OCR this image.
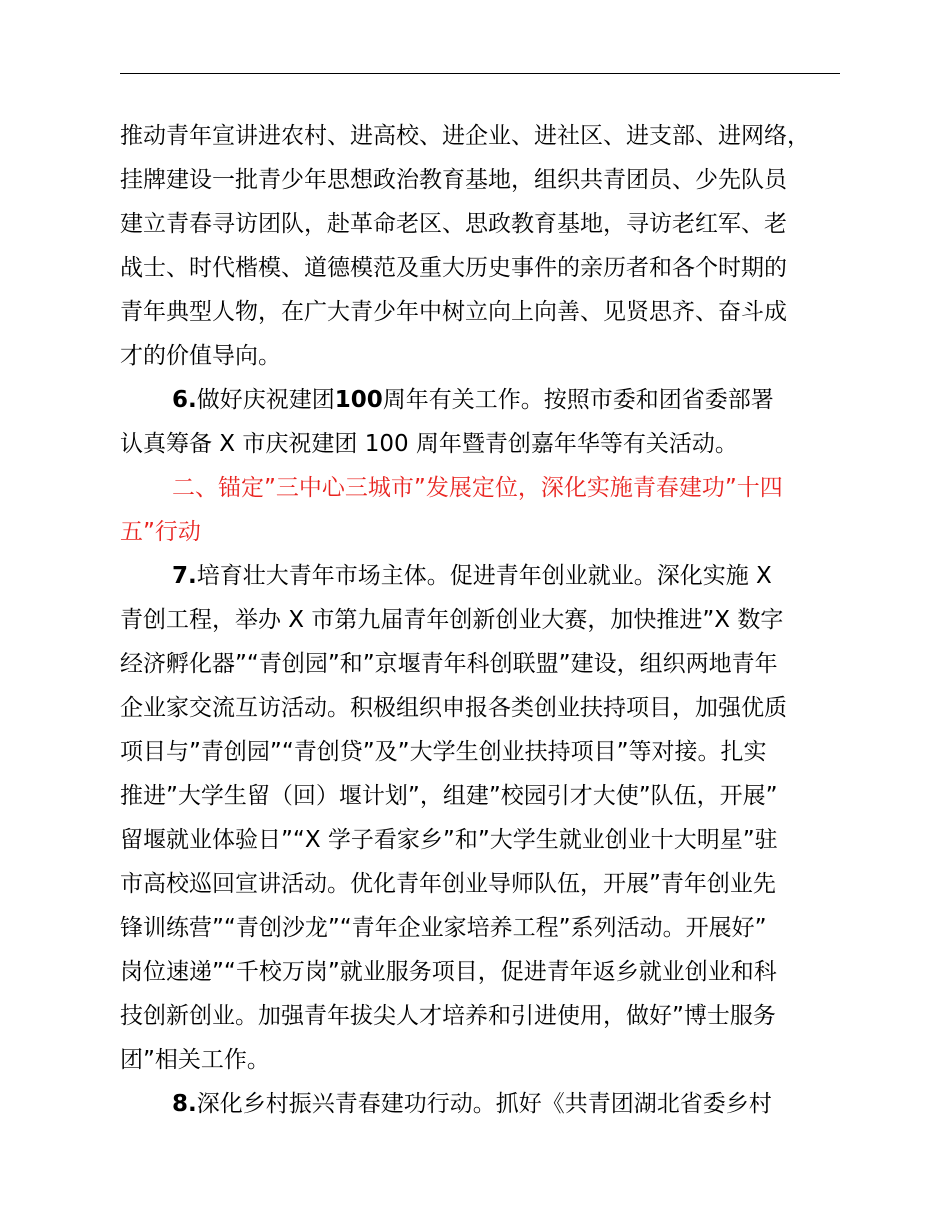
推动青年宣讲进农村、进高校、进企业、进社区、进支部、进网络，
挂牌建设一批青少年思想政治教育基地，组织共青团员、少先队员
建立青春寻访团队，赴革命老区、思政教育基地，寻访老红军、老
战士、时代楷模、道德模范及重大历史事件的亲历者和各个时期的
青年典型人物，在广大青少年中树立向上向善、见贤思齐、奋斗成
才的价值导向。
6.做好庆祝建团100周年有关工作。按照市委和团省委部署
认真筹备 X 市庆祝建团 100 周年暨青创嘉年华等有关活动。
二、锚定”三中心三城市”发展定位，深化实施青春建功”十四
五”行动
7.培育壮大青年市场主体。促进青年创业就业。深化实施 X
青创工程，举办 X 市第九届青年创新创业大赛，加快推进”X 数字
经济孵化器”“青创园”和”京堰青年科创联盟”建设，组织两地青年
企业家交流互访活动。积极组织申报各类创业扶持项目，加强优质
项目与”青创园”“青创贷”及”大学生创业扶持项目”等对接。扎实
推进”大学生留（回）堰计划”，组建”校园引才大使”队伍，开展”
留堰就业体验日”“X 学子看家乡”和”大学生就业创业十大明星”驻
市高校巡回宣讲活动。优化青年创业导师队伍，开展”青年创业先
锋训练营”“青创沙龙”“青年企业家培养工程”系列活动。开展好”
岗位速递”“千校万岗”就业服务项目，促进青年返乡就业创业和科
技创新创业。加强青年拔尖人才培养和引进使用，做好”博士服务
团”相关工作。
8.深化乡村振兴青春建功行动。抓好《共青团湖北省委乡村
